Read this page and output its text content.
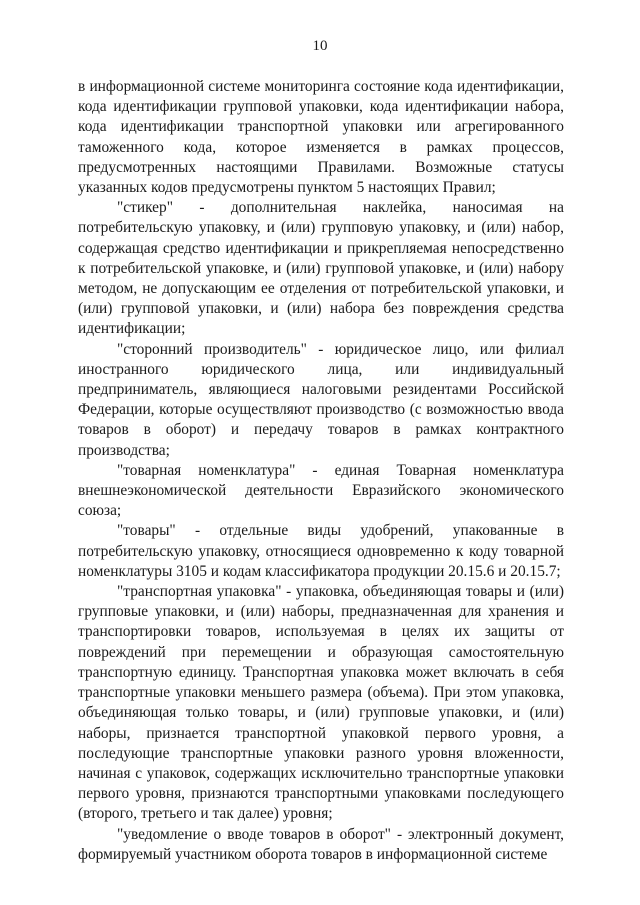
10

в информационной системе мониторинга состояние кода идентификации, кода идентификации групповой упаковки, кода идентификации набора, кода идентификации транспортной упаковки или агрегированного таможенного кода, которое изменяется в рамках процессов, предусмотренных настоящими Правилами. Возможные статусы указанных кодов предусмотрены пунктом 5 настоящих Правил;

"стикер" - дополнительная наклейка, наносимая на потребительскую упаковку, и (или) групповую упаковку, и (или) набор, содержащая средство идентификации и прикрепляемая непосредственно к потребительской упаковке, и (или) групповой упаковке, и (или) набору методом, не допускающим ее отделения от потребительской упаковки, и (или) групповой упаковки, и (или) набора без повреждения средства идентификации;

"сторонний производитель" - юридическое лицо, или филиал иностранного юридического лица, или индивидуальный предприниматель, являющиеся налоговыми резидентами Российской Федерации, которые осуществляют производство (с возможностью ввода товаров в оборот) и передачу товаров в рамках контрактного производства;

"товарная номенклатура" - единая Товарная номенклатура внешнеэкономической деятельности Евразийского экономического союза;

"товары" - отдельные виды удобрений, упакованные в потребительскую упаковку, относящиеся одновременно к коду товарной номенклатуры 3105 и кодам классификатора продукции 20.15.6 и 20.15.7;

"транспортная упаковка" - упаковка, объединяющая товары и (или) групповые упаковки, и (или) наборы, предназначенная для хранения и транспортировки товаров, используемая в целях их защиты от повреждений при перемещении и образующая самостоятельную транспортную единицу. Транспортная упаковка может включать в себя транспортные упаковки меньшего размера (объема). При этом упаковка, объединяющая только товары, и (или) групповые упаковки, и (или) наборы, признается транспортной упаковкой первого уровня, а последующие транспортные упаковки разного уровня вложенности, начиная с упаковок, содержащих исключительно транспортные упаковки первого уровня, признаются транспортными упаковками последующего (второго, третьего и так далее) уровня;

"уведомление о вводе товаров в оборот" - электронный документ, формируемый участником оборота товаров в информационной системе
